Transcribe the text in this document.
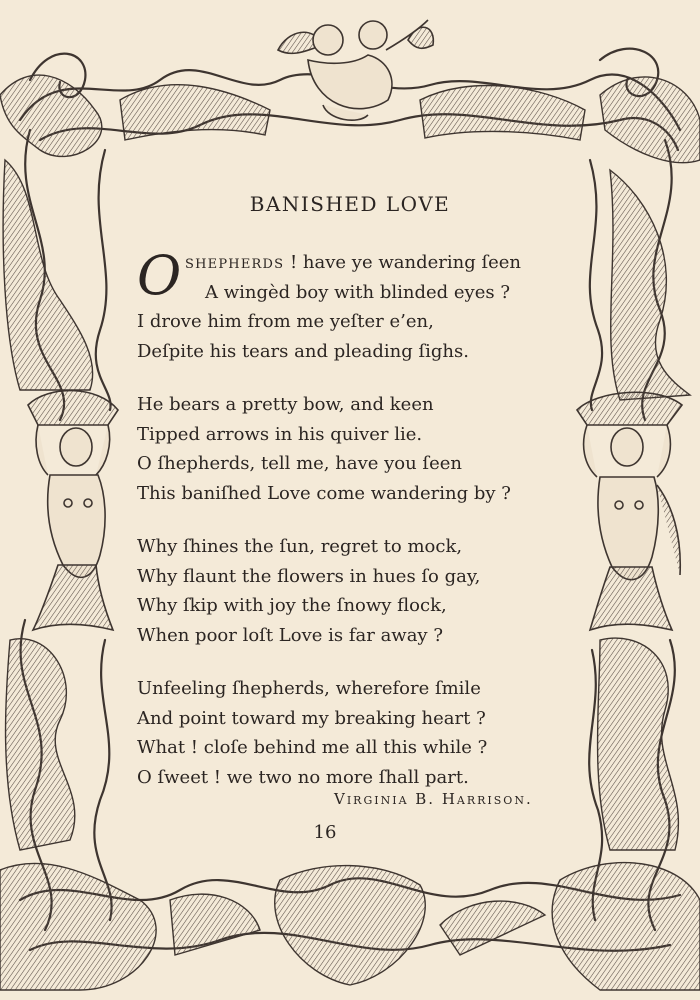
BANISHED LOVE
O shepherds ! have ye wandering ſeen
A wingèd boy with blinded eyes ?
I drove him from me yeſter e’en,
Deſpite his tears and pleading ſighs.
He bears a pretty bow, and keen
Tipped arrows in his quiver lie.
O ſhepherds, tell me, have you ſeen
This baniſhed Love come wandering by ?
Why ſhines the ſun, regret to mock,
Why flaunt the flowers in hues ſo gay,
Why ſkip with joy the ſnowy flock,
When poor loſt Love is far away ?
Unfeeling ſhepherds, wherefore ſmile
And point toward my breaking heart ?
What ! cloſe behind me all this while ?
O ſweet ! we two no more ſhall part.
Virginia B. Harrison.
16
